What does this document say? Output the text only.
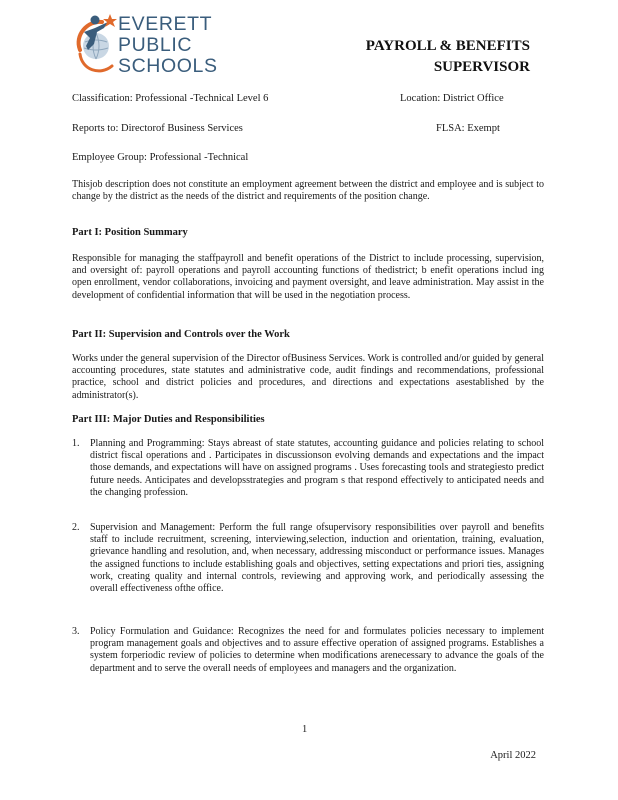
EVERETT
PUBLIC
SCHOOLS
PAYROLL & BENEFITS
SUPERVISOR
Classification: Professional -Technical Level 6	Location: District Office
Reports to: Directorof Business Services	FLSA: Exempt
Employee Group: Professional -Technical
Thisjob description does not constitute an employment agreement between the district and employee and is subject to change by the district as the needs of the district and requirements of the position change.
Part I: Position Summary
Responsible for managing the staffpayroll and benefit operations of the District to include processing, supervision, and oversight of: payroll operations and payroll accounting functions of thedistrict; b enefit operations includ ing open enrollment, vendor collaborations, invoicing and payment oversight, and leave administration. May assist in the development of confidential information that will be used in the negotiation process.
Part II: Supervision and Controls over the Work
Works under the general supervision of the Director ofBusiness Services. Work is controlled and/or guided by general accounting procedures, state statutes and administrative code, audit findings and recommendations, professional practice, school and district policies and procedures, and directions and expectations asestablished by the administrator(s).
Part III: Major Duties and Responsibilities
1.	Planning and Programming: Stays abreast of state statutes, accounting guidance and policies relating to school district fiscal operations and . Participates in discussionson evolving demands and expectations and the impact those demands, and expectations will have on assigned programs . Uses forecasting tools and strategiesto predict future needs. Anticipates and developsstrategies and program s that respond effectively to anticipated needs and the changing profession.
2.	Supervision and Management: Perform the full range ofsupervisory responsibilities over payroll and benefits staff to include recruitment, screening, interviewing,selection, induction and orientation, training, evaluation, grievance handling and resolution, and, when necessary, addressing misconduct or performance issues. Manages the assigned functions to include establishing goals and objectives, setting expectations and priori ties, assigning work, creating quality and internal controls, reviewing and approving work, and periodically assessing the overall effectiveness ofthe office.
3.	Policy Formulation and Guidance: Recognizes the need for and formulates policies necessary to implement program management goals and objectives and to assure effective operation of assigned programs. Establishes a system forperiodic review of policies to determine when modifications arenecessary to advance the goals of the department and to serve the overall needs of employees and managers and the organization.
1
April 2022
